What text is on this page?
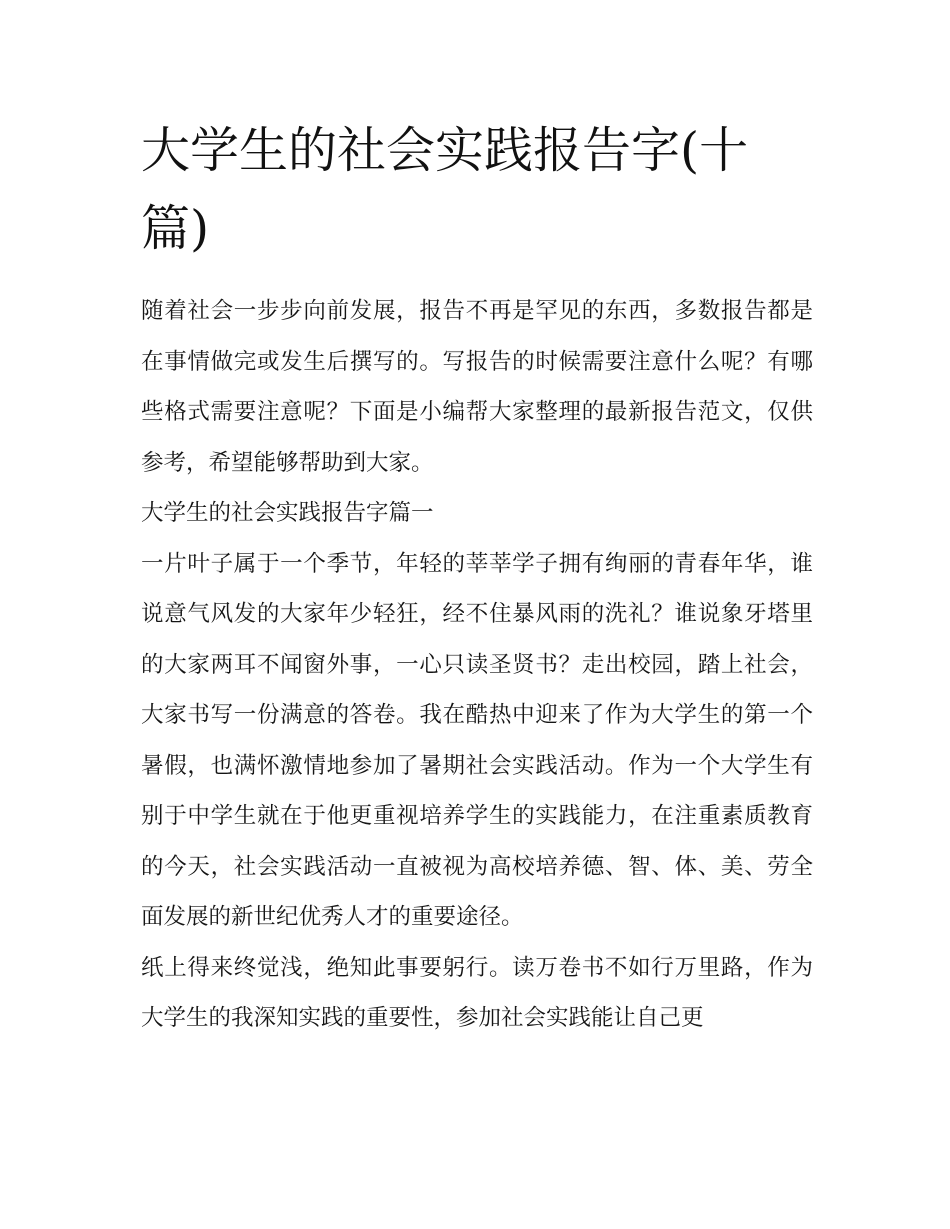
大学生的社会实践报告字(十篇)

随着社会一步步向前发展，报告不再是罕见的东西，多数报告都是在事情做完或发生后撰写的。写报告的时候需要注意什么呢？有哪些格式需要注意呢？下面是小编帮大家整理的最新报告范文，仅供参考，希望能够帮助到大家。

大学生的社会实践报告字篇一

一片叶子属于一个季节，年轻的莘莘学子拥有绚丽的青春年华，谁说意气风发的大家年少轻狂，经不住暴风雨的洗礼？谁说象牙塔里的大家两耳不闻窗外事，一心只读圣贤书？走出校园，踏上社会，大家书写一份满意的答卷。我在酷热中迎来了作为大学生的第一个暑假，也满怀激情地参加了暑期社会实践活动。作为一个大学生有别于中学生就在于他更重视培养学生的实践能力，在注重素质教育的今天，社会实践活动一直被视为高校培养德、智、体、美、劳全面发展的新世纪优秀人才的重要途径。

纸上得来终觉浅，绝知此事要躬行。读万卷书不如行万里路，作为大学生的我深知实践的重要性，参加社会实践能让自己更
